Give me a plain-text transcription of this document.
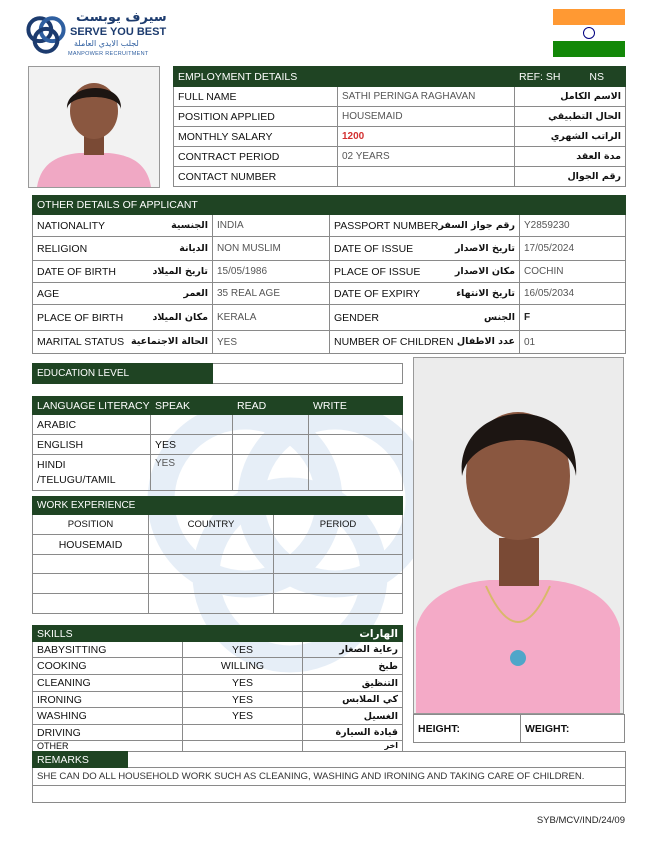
سيرف يوبست
SERVE YOU BEST
لجلب الايدي العاملة
MANPOWER RECRUITMENT
EMPLOYMENT DETAILS		REF: SH NS
FULL NAME	SATHI PERINGA RAGHAVAN	الاسم الكامل
POSITION APPLIED	HOUSEMAID	الحال التطبيقي
MONTHLY SALARY	1200	الراتب الشهري
CONTRACT PERIOD	02 YEARS	مدة العقد
CONTACT NUMBER		رقم الجوال
OTHER DETAILS OF APPLICANT			
NATIONALITY الجنسية	INDIA	PASSPORT NUMBER رقم جواز السفر	Y2859230
RELIGION الديانة	NON MUSLIM	DATE OF ISSUE تاريخ الاصدار	17/05/2024
DATE OF BIRTH تاريخ الميلاد	15/05/1986	PLACE OF ISSUE مكان الاصدار	COCHIN
AGE العمر	35 REAL AGE	DATE OF EXPIRY تاريخ الانتهاء	16/05/2034
PLACE OF BIRTH مكان الميلاد	KERALA	GENDER الجنس	F
MARITAL STATUS الحالة الاجتماعية	YES	NUMBER OF CHILDREN عدد الاطفال	01
EDUCATION LEVEL	
LANGUAGE LITERACY	SPEAK	READ	WRITE
ARABIC			
ENGLISH	YES		
HINDI
/TELUGU/TAMIL	YES		
WORK EXPERIENCE		
POSITION	COUNTRY	PERIOD
HOUSEMAID		

SKILLS		الهارات
BABYSITTING	YES	رعاية الصغار
COOKING	WILLING	طبخ
CLEANING	YES	التنظيق
IRONING	YES	كي الملابس
WASHING	YES	الغسيل
DRIVING		قيادة السيارة
OTHER		اخر
HEIGHT:	WEIGHT:
REMARKS	
SHE CAN DO ALL HOUSEHOLD WORK SUCH AS CLEANING, WASHING AND IRONING AND TAKING CARE OF CHILDREN.

SYB/MCV/IND/24/09
